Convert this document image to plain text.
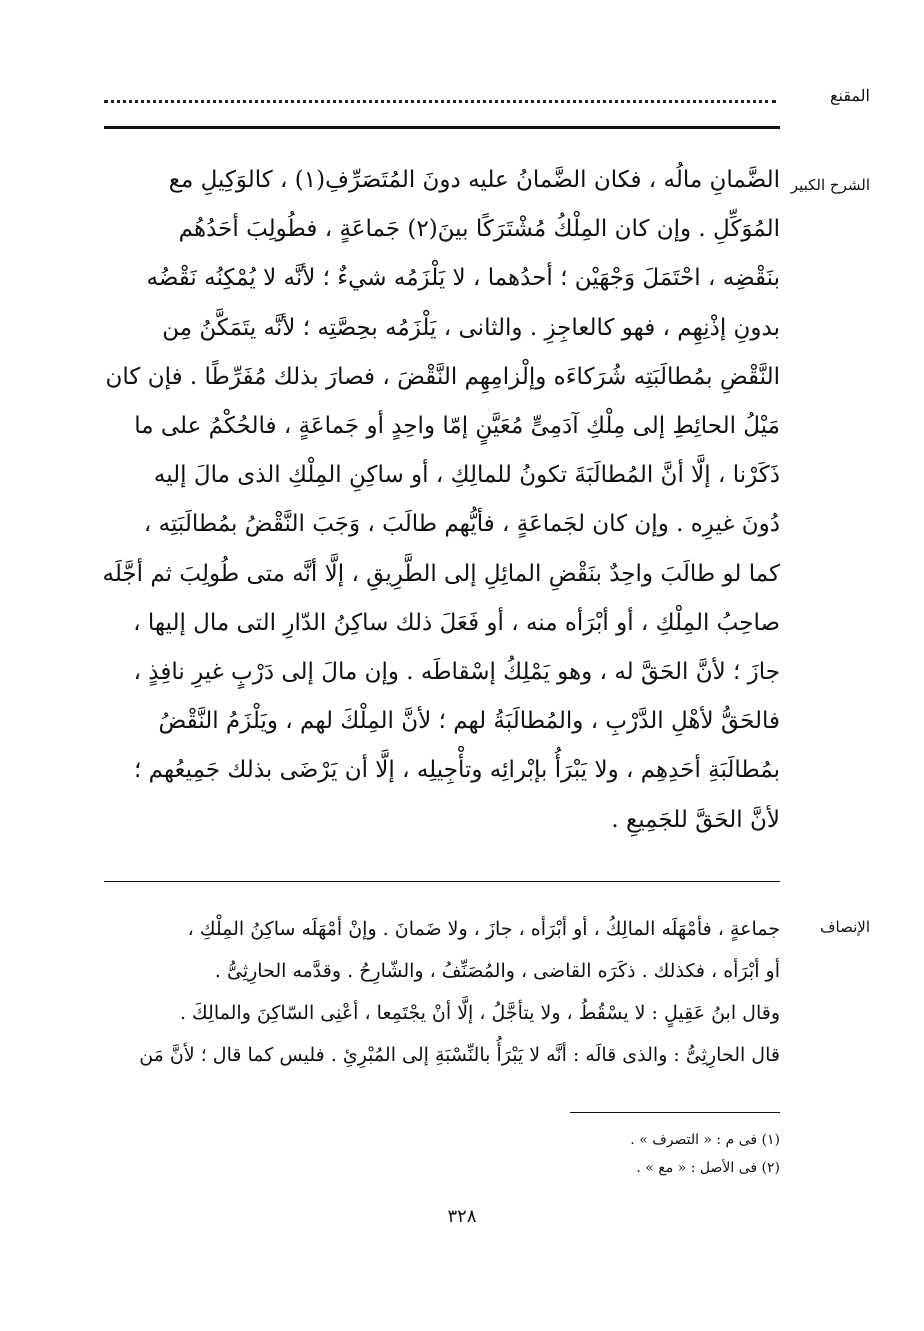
المقنع
الشرح الكبير
الضَّمانِ مالُه ، فكان الضَّمانُ عليه دونَ المُتَصَرِّفِ(١) ، كالوَكِيلِ مع
المُوَكِّلِ . وإن كان المِلْكُ مُشْتَرَكًا بينَ(٢) جَماعَةٍ ، فطُولِبَ أحَدُهُم
بنَقْضِه ، احْتَمَلَ وَجْهَيْن ؛ أحدُهما ، لا يَلْزَمُه شيءٌ ؛ لأنَّه لا يُمْكِنُه نَقْضُه
بدونِ إذْنِهِم ، فهو كالعاجِزِ . والثانى ، يَلْزَمُه بحِصَّتِه ؛ لأنَّه يتَمَكَّنُ مِن
النَّقْضِ بمُطالَبَتِه شُرَكاءَه وإلْزامِهِم النَّقْضَ ، فصارَ بذلك مُفَرِّطًا . فإن كان
مَيْلُ الحائِطِ إلى مِلْكِ آدَمِىٍّ مُعَيَّنٍ إمّا واحِدٍ أو جَماعَةٍ ، فالحُكْمُ على ما
ذَكَرْنا ، إلَّا أنَّ المُطالَبَةَ تكونُ للمالِكِ ، أو ساكِنِ المِلْكِ الذى مالَ إليه
دُونَ غيرِه . وإن كان لجَماعَةٍ ، فأيُّهم طالَبَ ، وَجَبَ النَّقْضُ بمُطالَبَتِه ،
كما لو طالَبَ واحِدٌ بنَقْضِ المائِلِ إلى الطَّرِيقِ ، إلَّا أنَّه متى طُولِبَ ثم أجَّلَه
صاحِبُ المِلْكِ ، أو أبْرَأه منه ، أو فَعَلَ ذلك ساكِنُ الدّارِ التى مال إليها ،
جازَ ؛ لأنَّ الحَقَّ له ، وهو يَمْلِكُ إسْقاطَه . وإن مالَ إلى دَرْبٍ غيرِ نافِذٍ ،
فالحَقُّ لأهْلِ الدَّرْبِ ، والمُطالَبَةُ لهم ؛ لأنَّ المِلْكَ لهم ، ويَلْزَمُ النَّقْضُ
بمُطالَبَةِ أحَدِهِم ، ولا يَبْرَأُ بإبْرائِه وتأْجِيلِه ، إلَّا أن يَرْضَى بذلك جَمِيعُهم ؛
لأنَّ الحَقَّ للجَمِيعِ .
الإنصاف
جماعةٍ ، فأمْهَلَه المالِكُ ، أو أبْرَأه ، جازَ ، ولا ضَمانَ . وإنْ أمْهَلَه ساكِنُ المِلْكِ ،
أو أبْرَأه ، فكذلك . ذكَرَه القاضى ، والمُصَنِّفُ ، والشّارِحُ . وقدَّمه الحارِثِىُّ .
وقال ابنُ عَقِيلٍ : لا يسْقُطُ ، ولا يتأجَّلُ ، إلَّا أنْ يجْتَمِعا ، أعْنِى السّاكِنَ والمالِكَ .
قال الحارِثِىُّ : والذى قالَه : أنَّه لا يَبْرَأُ بالنِّسْبَةِ إلى المُبْرِئِ . فليس كما قال ؛ لأنَّ مَن
(١) فى م : « التصرف » .
(٢) فى الأصل : « مع » .
٣٢٨
